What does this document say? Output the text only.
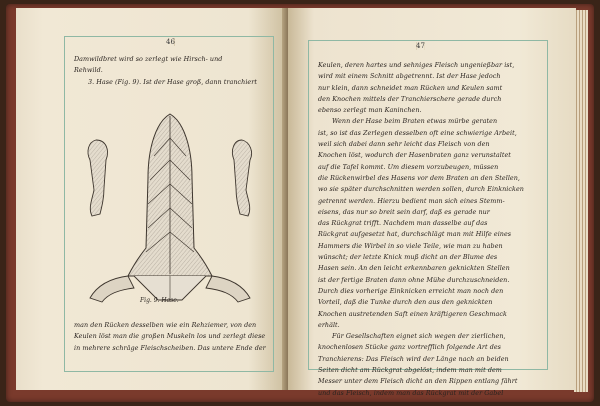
46
Damwildbret wird so zerlegt wie Hirsch- und
Rehwild.
3. Hase (Fig. 9). Ist der Hase groß, dann tranchiert
Fig. 9. Hase.
man den Rücken desselben wie ein Rehziemer, von den
Keulen löst man die großen Muskeln los und zerlegt diese
in mehrere schräge Fleischscheiben. Das untere Ende der
47
Keulen, deren hartes und sehniges Fleisch ungenießbar ist,
wird mit einem Schnitt abgetrennt. Ist der Hase jedoch
nur klein, dann schneidet man Rücken und Keulen samt
den Knochen mittels der Tranchierschere gerade durch
ebenso zerlegt man Kaninchen.
Wenn der Hase beim Braten etwas mürbe geraten
ist, so ist das Zerlegen desselben oft eine schwierige Arbeit,
weil sich dabei dann sehr leicht das Fleisch von den
Knochen löst, wodurch der Hasenbraten ganz verunstaltet
auf die Tafel kommt. Um diesem vorzubeugen, müssen
die Rückenwirbel des Hasens vor dem Braten an den Stellen,
wo sie später durchschnitten werden sollen, durch Einknicken
getrennt werden. Hierzu bedient man sich eines Stemm-
eisens, das nur so breit sein darf, daß es gerade nur
das Rückgrat trifft. Nachdem man dasselbe auf das
Rückgrat aufgesetzt hat, durchschlägt man mit Hilfe eines
Hammers die Wirbel in so viele Teile, wie man zu haben
wünscht; der letzte Knick muß dicht an der Blume des
Hasen sein. An den leicht erkennbaren geknickten Stellen
ist der fertige Braten dann ohne Mühe durchzuschneiden.
Durch dies vorherige Einknicken erreicht man noch den
Vorteil, daß die Tunke durch den aus den geknickten
Knochen austretenden Saft einen kräftigeren Geschmack
erhält.
Für Gesellschaften eignet sich wegen der zierlichen,
knochenlosen Stücke ganz vortrefflich folgende Art des
Tranchierens: Das Fleisch wird der Länge nach an beiden
Seiten dicht am Rückgrat abgelöst, indem man mit dem
Messer unter dem Fleisch dicht an den Rippen entlang fährt
und das Fleisch, indem man das Rückgrat mit der Gabel
